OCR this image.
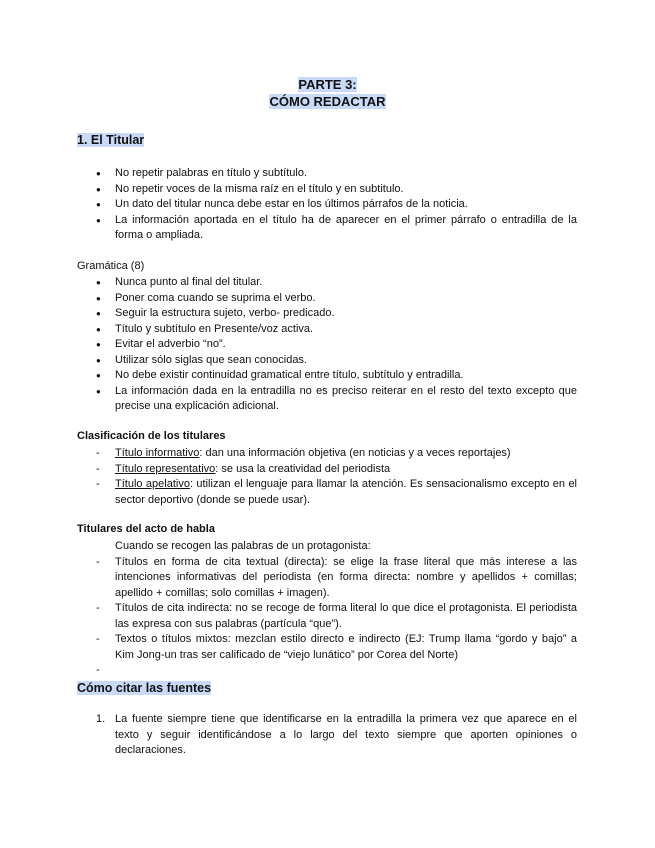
PARTE 3:
CÓMO REDACTAR
1. El Titular
● No repetir palabras en título y subtítulo.
● No repetir voces de la misma raíz en el título y en subtitulo.
● Un dato del titular nunca debe estar en los últimos párrafos de la noticia.
● La información aportada en el título ha de aparecer en el primer párrafo o entradilla de la forma o ampliada.
Gramática (8)
● Nunca punto al final del titular.
● Poner coma cuando se suprima el verbo.
● Seguir la estructura sujeto, verbo- predicado.
● Título y subtítulo en Presente/voz activa.
● Evitar el adverbio “no”.
● Utilizar sólo siglas que sean conocidas.
● No debe existir continuidad gramatical entre título, subtítulo y entradilla.
● La información dada en la entradilla no es preciso reiterar en el resto del texto excepto que precise una explicación adicional.
Clasificación de los titulares
- Título informativo: dan una información objetiva (en noticias y a veces reportajes)
- Título representativo: se usa la creatividad del periodista
- Título apelativo: utilizan el lenguaje para llamar la atención. Es sensacionalismo excepto en el sector deportivo (donde se puede usar).
Titulares del acto de habla
Cuando se recogen las palabras de un protagonista:
- Títulos en forma de cita textual (directa): se elige la frase literal que más interese a las intenciones informativas del periodista (en forma directa: nombre y apellidos + comillas; apellido + comillas; solo comillas + imagen).
- Títulos de cita indirecta: no se recoge de forma literal lo que dice el protagonista. El periodista las expresa con sus palabras (partícula “que”).
- Textos o títulos mixtos: mezclan estilo directo e indirecto (EJ: Trump llama “gordo y bajo” a Kim Jong-un tras ser calificado de “viejo lunático” por Corea del Norte)
-
Cómo citar las fuentes
1. La fuente siempre tiene que identificarse en la entradilla la primera vez que aparece en el texto y seguir identificándose a lo largo del texto siempre que aporten opiniones o declaraciones.
